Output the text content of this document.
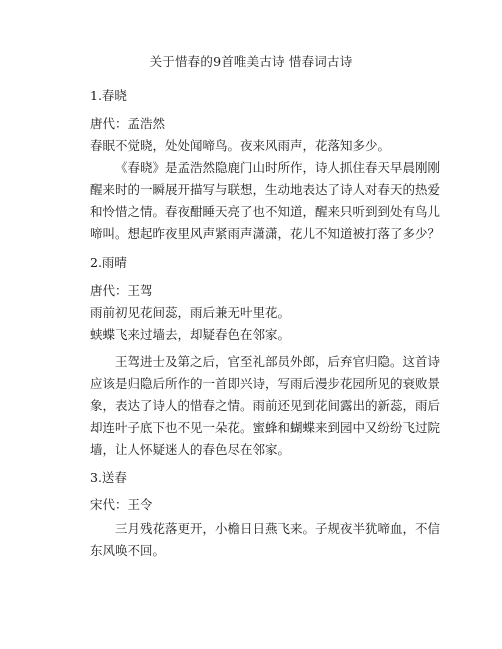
关于惜春的9首唯美古诗 惜春词古诗
1.春晓
唐代：孟浩然
春眠不觉晓，处处闻啼鸟。夜来风雨声，花落知多少。
《春晓》是孟浩然隐鹿门山时所作，诗人抓住春天早晨刚刚
醒来时的一瞬展开描写与联想，生动地表达了诗人对春天的热爱
和怜惜之情。春夜酣睡天亮了也不知道，醒来只听到到处有鸟儿
啼叫。想起昨夜里风声紧雨声潇潇，花儿不知道被打落了多少？
2.雨晴
唐代：王驾
雨前初见花间蕊，雨后兼无叶里花。
蛱蝶飞来过墙去，却疑春色在邻家。
王驾进士及第之后，官至礼部员外郎，后弃官归隐。这首诗
应该是归隐后所作的一首即兴诗，写雨后漫步花园所见的衰败景
象，表达了诗人的惜春之情。雨前还见到花间露出的新蕊，雨后
却连叶子底下也不见一朵花。蜜蜂和蝴蝶来到园中又纷纷飞过院
墙，让人怀疑迷人的春色尽在邻家。
3.送春
宋代：王令
三月残花落更开，小檐日日燕飞来。子规夜半犹啼血，不信
东风唤不回。
